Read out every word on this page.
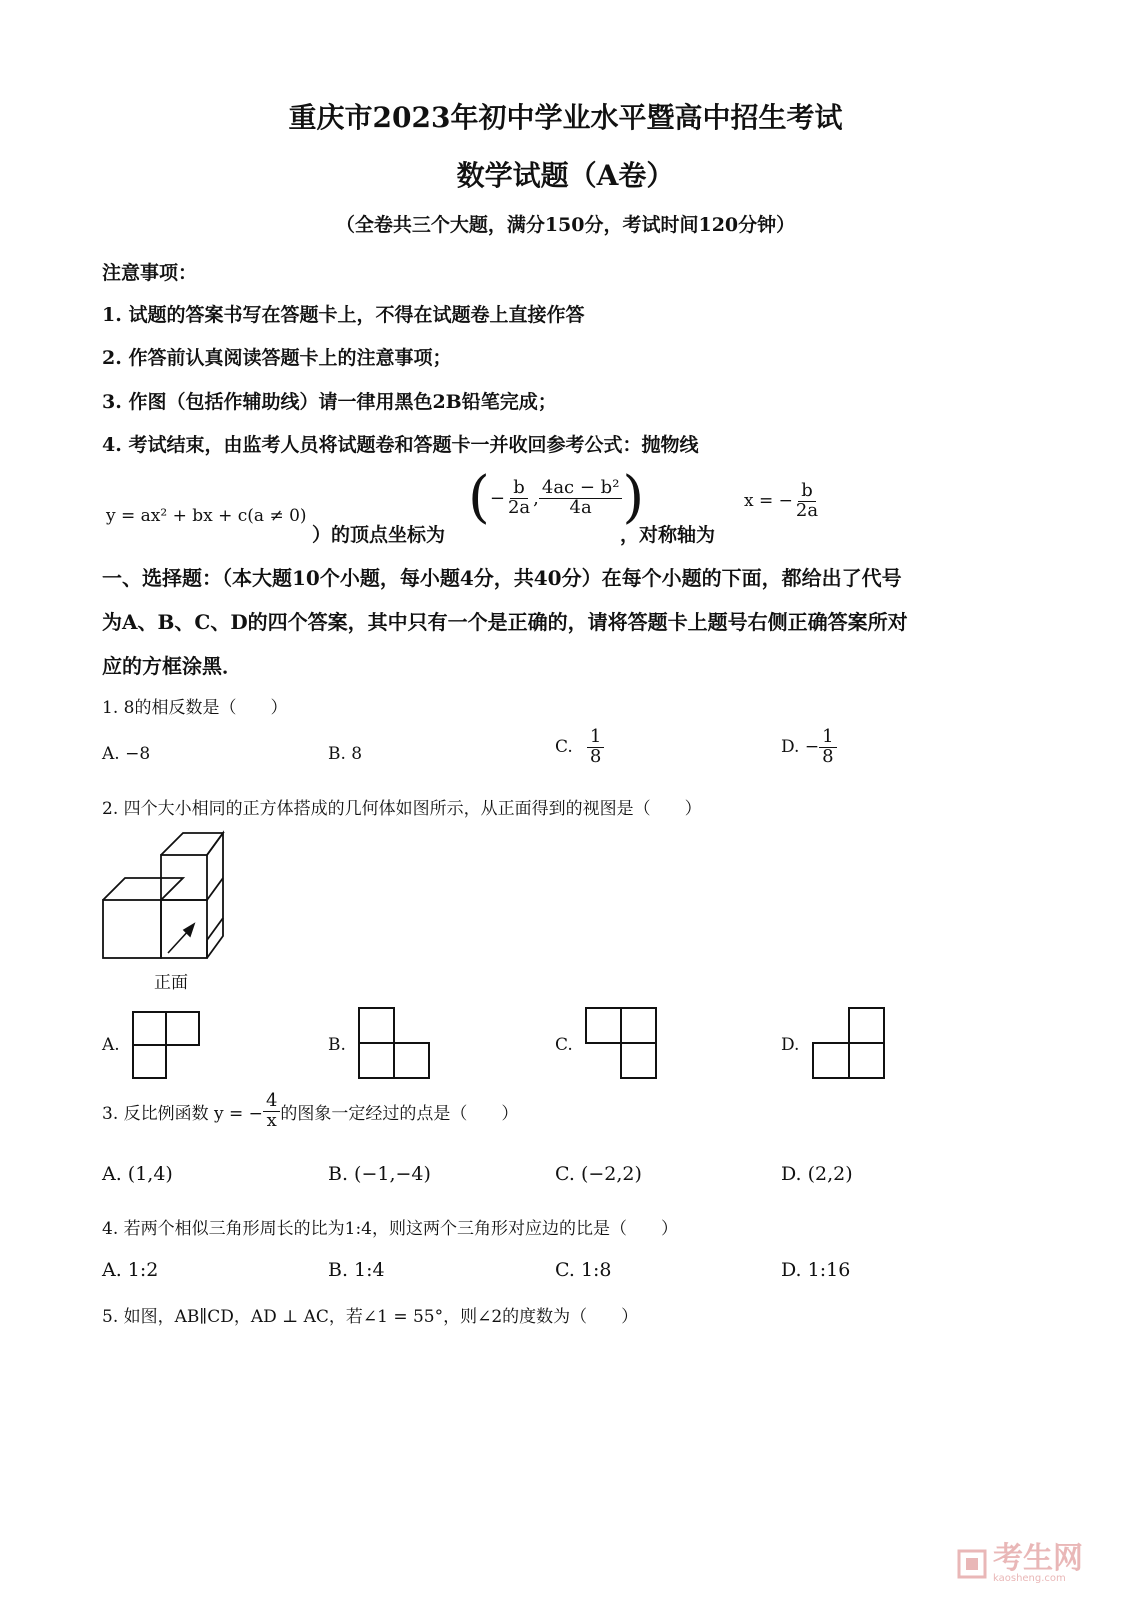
重庆市2023年初中学业水平暨高中招生考试
数学试题（A卷）
（全卷共三个大题，满分150分，考试时间120分钟）
注意事项：
1. 试题的答案书写在答题卡上，不得在试题卷上直接作答
2. 作答前认真阅读答题卡上的注意事项；
3. 作图（包括作辅助线）请一律用黑色2B铅笔完成；
4. 考试结束，由监考人员将试题卷和答题卡一并收回参考公式：抛物线
y = ax² + bx + c(a ≠ 0)
）的顶点坐标为
( − $\frac{b}{2a}$ , $\frac{\text{4ac − b²}}{4a}$ )
，对称轴为
x = − $\frac{b}{2a}$
一、选择题：（本大题10个小题，每小题4分，共40分）在每个小题的下面，都给出了代号
为A、B、C、D的四个答案，其中只有一个是正确的，请将答题卡上题号右侧正确答案所对
应的方框涂黑．
1. 8的相反数是（　　）
A. −8	B. 8	C. $\frac{1}{8}$	D. − $\frac{1}{8}$
2. 四个大小相同的正方体搭成的几何体如图所示，从正面得到的视图是（　　）
正面
A.	B.	C.	D.
3. 反比例函数 y = − $\frac{4}{x}$ 的图象一定经过的点是（　　）
A. (1,4)	B. (−1,−4)	C. (−2,2)	D. (2,2)
4. 若两个相似三角形周长的比为1:4，则这两个三角形对应边的比是（　　）
A. 1:2	B. 1:4	C. 1:8	D. 1:16
5. 如图，AB∥CD，AD ⊥ AC，若∠1 = 55°，则∠2的度数为（　　）
考生网
kaosheng.com
